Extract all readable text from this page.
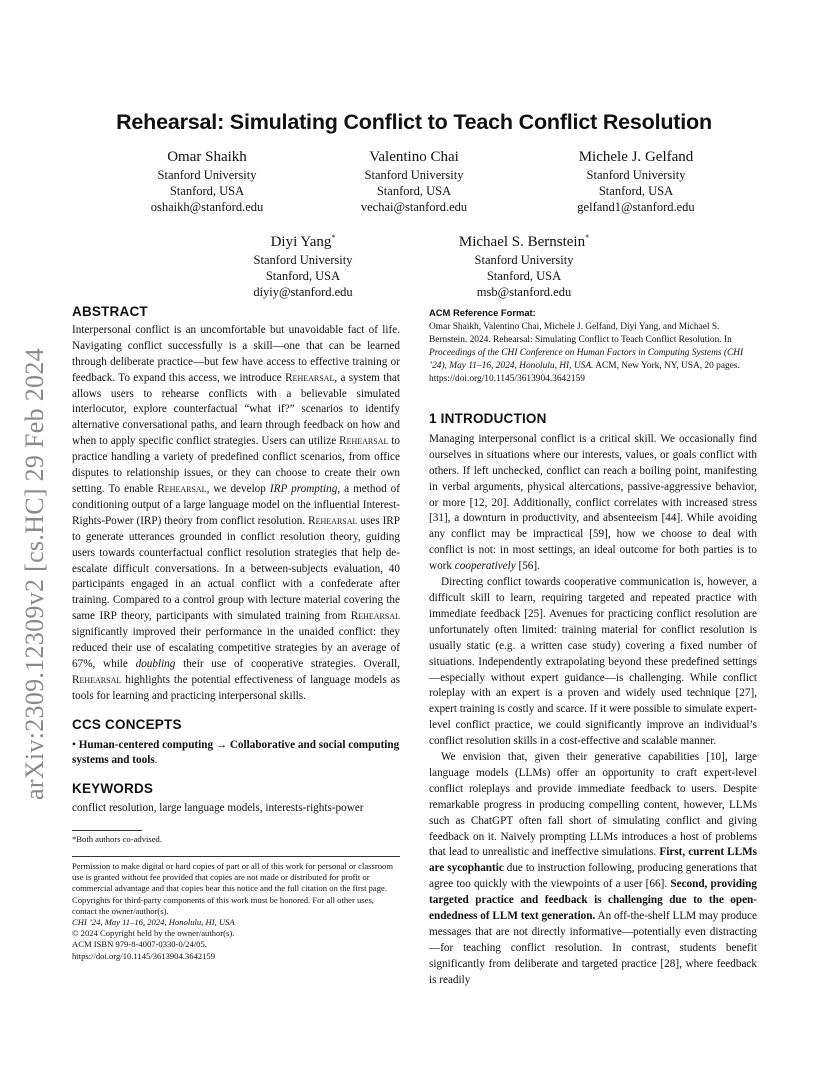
arXiv:2309.12309v2 [cs.HC] 29 Feb 2024
Rehearsal: Simulating Conflict to Teach Conflict Resolution
Omar Shaikh
Stanford University
Stanford, USA
oshaikh@stanford.edu
Valentino Chai
Stanford University
Stanford, USA
vechai@stanford.edu
Michele J. Gelfand
Stanford University
Stanford, USA
gelfand1@stanford.edu
Diyi Yang*
Stanford University
Stanford, USA
diyiy@stanford.edu
Michael S. Bernstein*
Stanford University
Stanford, USA
msb@stanford.edu
ABSTRACT

Interpersonal conflict is an uncomfortable but unavoidable fact of life. Navigating conflict successfully is a skill—one that can be learned through deliberate practice—but few have access to effective training or feedback. To expand this access, we introduce Rehearsal, a system that allows users to rehearse conflicts with a believable simulated interlocutor, explore counterfactual “what if?” scenarios to identify alternative conversational paths, and learn through feedback on how and when to apply specific conflict strategies. Users can utilize Rehearsal to practice handling a variety of predefined conflict scenarios, from office disputes to relationship issues, or they can choose to create their own setting. To enable Rehearsal, we develop IRP prompting, a method of conditioning output of a large language model on the influential Interest-Rights-Power (IRP) theory from conflict resolution. Rehearsal uses IRP to generate utterances grounded in conflict resolution theory, guiding users towards counterfactual conflict resolution strategies that help de-escalate difficult conversations. In a between-subjects evaluation, 40 participants engaged in an actual conflict with a confederate after training. Compared to a control group with lecture material covering the same IRP theory, participants with simulated training from Rehearsal significantly improved their performance in the unaided conflict: they reduced their use of escalating competitive strategies by an average of 67%, while doubling their use of cooperative strategies. Overall, Rehearsal highlights the potential effectiveness of language models as tools for learning and practicing interpersonal skills.

CCS CONCEPTS

• Human-centered computing → Collaborative and social computing systems and tools.

KEYWORDS

conflict resolution, large language models, interests-rights-power

*Both authors co-advised.

Permission to make digital or hard copies of part or all of this work for personal or classroom use is granted without fee provided that copies are not made or distributed for profit or commercial advantage and that copies bear this notice and the full citation on the first page. Copyrights for third-party components of this work must be honored. For all other uses, contact the owner/author(s).

CHI ’24, May 11–16, 2024, Honolulu, HI, USA

© 2024 Copyright held by the owner/author(s).

ACM ISBN 979-8-4007-0330-0/24/05.

https://doi.org/10.1145/3613904.3642159

ACM Reference Format:
Omar Shaikh, Valentino Chai, Michele J. Gelfand, Diyi Yang, and Michael S. Bernstein. 2024. Rehearsal: Simulating Conflict to Teach Conflict Resolution. In Proceedings of the CHI Conference on Human Factors in Computing Systems (CHI ’24), May 11–16, 2024, Honolulu, HI, USA. ACM, New York, NY, USA, 20 pages. https://doi.org/10.1145/3613904.3642159
1 INTRODUCTION

Managing interpersonal conflict is a critical skill. We occasionally find ourselves in situations where our interests, values, or goals conflict with others. If left unchecked, conflict can reach a boiling point, manifesting in verbal arguments, physical altercations, passive-aggressive behavior, or more [12, 20]. Additionally, conflict correlates with increased stress [31], a downturn in productivity, and absenteeism [44]. While avoiding any conflict may be impractical [59], how we choose to deal with conflict is not: in most settings, an ideal outcome for both parties is to work cooperatively [56].

Directing conflict towards cooperative communication is, however, a difficult skill to learn, requiring targeted and repeated practice with immediate feedback [25]. Avenues for practicing conflict resolution are unfortunately often limited: training material for conflict resolution is usually static (e.g. a written case study) covering a fixed number of situations. Independently extrapolating beyond these predefined settings—especially without expert guidance—is challenging. While conflict roleplay with an expert is a proven and widely used technique [27], expert training is costly and scarce. If it were possible to simulate expert-level conflict practice, we could significantly improve an individual’s conflict resolution skills in a cost-effective and scalable manner.

We envision that, given their generative capabilities [10], large language models (LLMs) offer an opportunity to craft expert-level conflict roleplays and provide immediate feedback to users. Despite remarkable progress in producing compelling content, however, LLMs such as ChatGPT often fall short of simulating conflict and giving feedback on it. Naively prompting LLMs introduces a host of problems that lead to unrealistic and ineffective simulations. First, current LLMs are sycophantic due to instruction following, producing generations that agree too quickly with the viewpoints of a user [66]. Second, providing targeted practice and feedback is challenging due to the open-endedness of LLM text generation. An off-the-shelf LLM may produce messages that are not directly informative—potentially even distracting—for teaching conflict resolution. In contrast, students benefit significantly from deliberate and targeted practice [28], where feedback is readily
